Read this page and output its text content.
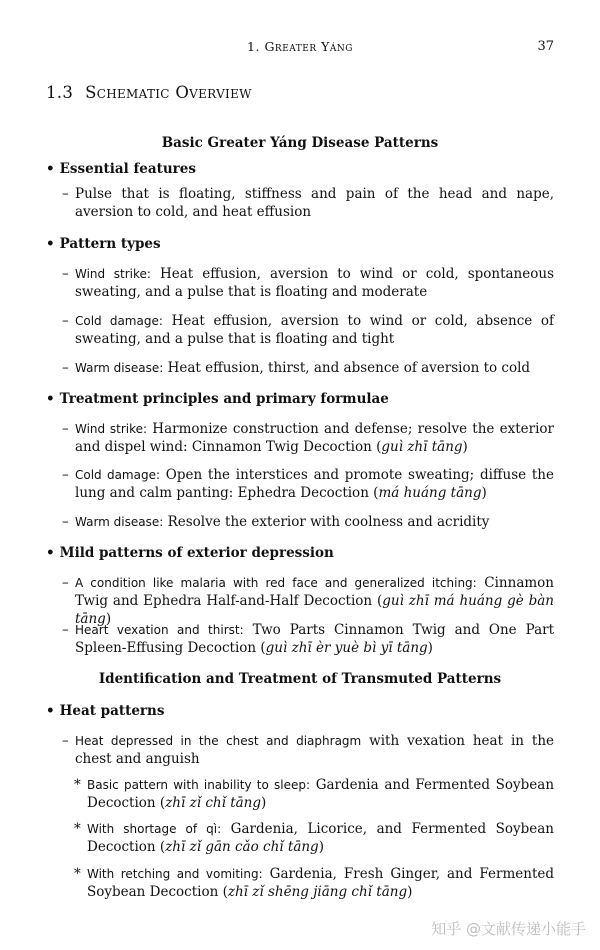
1. Greater Yáng	37
1.3 Schematic Overview
Basic Greater Yáng Disease Patterns
• Essential features
– Pulse that is floating, stiffness and pain of the head and nape, aversion to cold, and heat effusion
• Pattern types
– Wind strike: Heat effusion, aversion to wind or cold, spontaneous sweating, and a pulse that is floating and moderate
– Cold damage: Heat effusion, aversion to wind or cold, absence of sweating, and a pulse that is floating and tight
– Warm disease: Heat effusion, thirst, and absence of aversion to cold
• Treatment principles and primary formulae
– Wind strike: Harmonize construction and defense; resolve the exterior and dispel wind: Cinnamon Twig Decoction (guì zhī tāng)
– Cold damage: Open the interstices and promote sweating; diffuse the lung and calm panting: Ephedra Decoction (má huáng tāng)
– Warm disease: Resolve the exterior with coolness and acridity
• Mild patterns of exterior depression
– A condition like malaria with red face and generalized itching: Cinnamon Twig and Ephedra Half-and-Half Decoction (guì zhī má huáng gè bàn tāng)
– Heart vexation and thirst: Two Parts Cinnamon Twig and One Part Spleen-Effusing Decoction (guì zhī èr yuè bì yī tāng)
Identification and Treatment of Transmuted Patterns
• Heat patterns
– Heat depressed in the chest and diaphragm with vexation heat in the chest and anguish
* Basic pattern with inability to sleep: Gardenia and Fermented Soybean Decoction (zhī zǐ chǐ tāng)
* With shortage of qì: Gardenia, Licorice, and Fermented Soybean Decoction (zhī zǐ gān cǎo chǐ tāng)
* With retching and vomiting: Gardenia, Fresh Ginger, and Fermented Soybean Decoction (zhī zǐ shēng jiāng chǐ tāng)
知乎 @文献传递小能手
